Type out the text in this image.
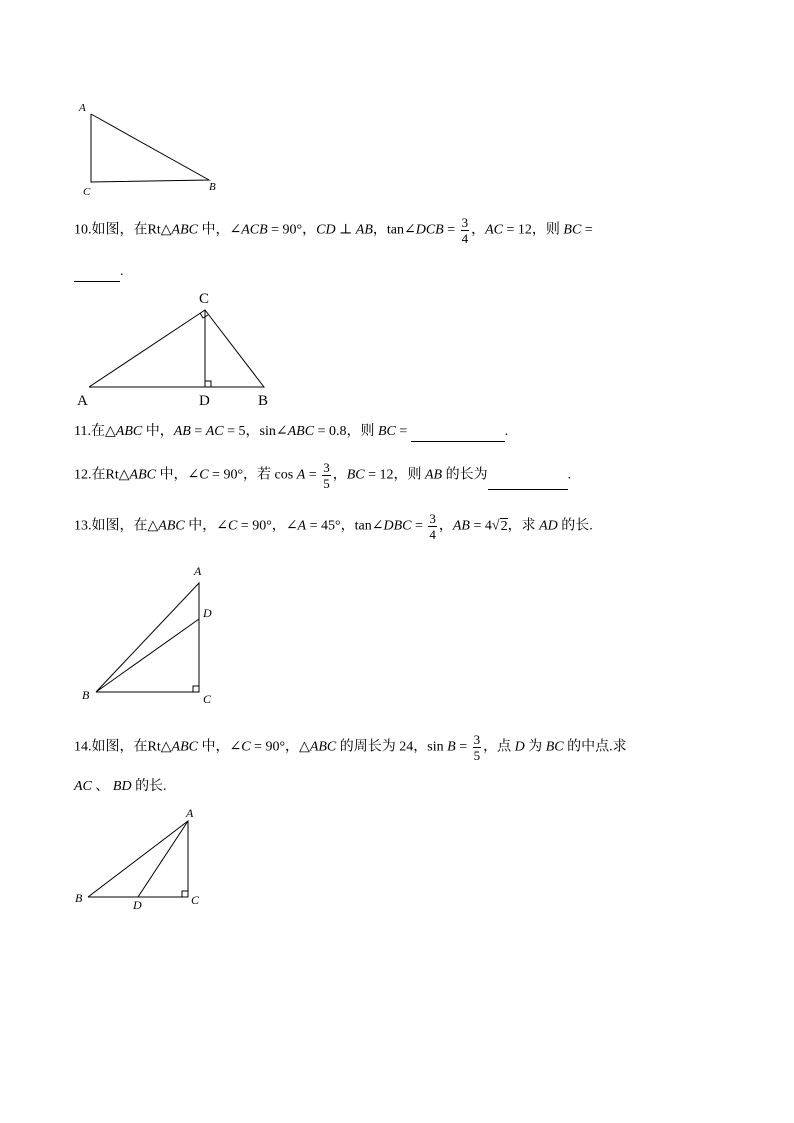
A
C	B
C
A	D	B
A
D
B	C
A
B	D	C
10.如图，在Rt△ABC 中，∠ACB = 90°，CD ⊥ AB，tan∠DCB = $\frac{3}{4}$ ，AC = 12，则 BC =
.
11.在△ABC 中，AB = AC = 5，sin∠ABC = 0.8，则 BC =	.
12.在Rt△ABC 中，∠C = 90°，若 $\cos A = \frac{3}{5}$ ，BC = 12，则 AB 的长为	.
13.如图，在△ABC 中，∠C = 90°，∠A = 45°，tan∠DBC = $\frac{3}{4}$ ，AB = 4√2，求 AD 的长.
14.如图，在Rt△ABC 中，∠C = 90°，△ABC 的周长为 24，$\sin B = \frac{3}{5}$ ，点 D 为 BC 的中点.求
AC 、 BD 的长.
